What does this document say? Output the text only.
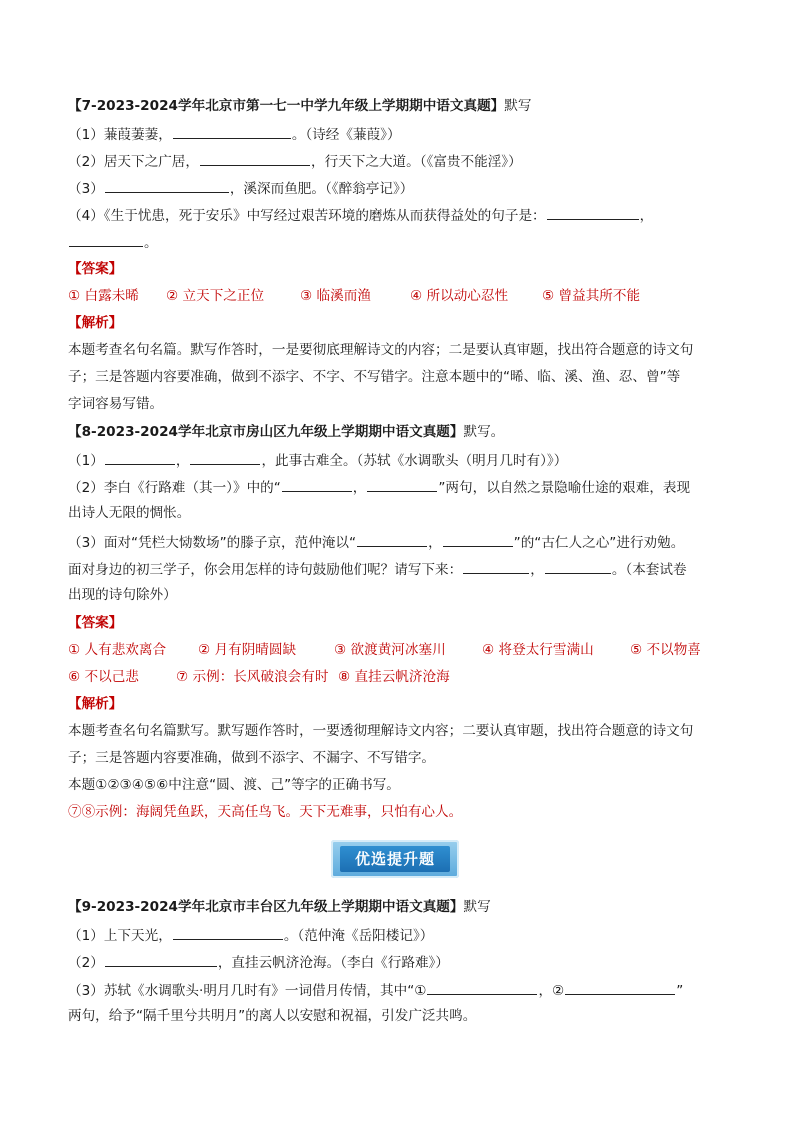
【7-2023-2024学年北京市第一七一中学九年级上学期期中语文真题】默写
（1）蒹葭萋萋，	。（诗经《蒹葭》）
（2）居天下之广居，	，行天下之大道。（《富贵不能淫》）
（3）	，溪深而鱼肥。（《醉翁亭记》）
（4）《生于忧患，死于安乐》中写经过艰苦环境的磨炼从而获得益处的句子是：	，
。
【答案】
① 白露未晞 ② 立天下之正位	③ 临溪而渔	④ 所以动心忍性 ⑤ 曾益其所不能
【解析】
本题考查名句名篇。默写作答时，一是要彻底理解诗文的内容；二是要认真审题，找出符合题意的诗文句
子；三是答题内容要准确，做到不添字、不字、不写错字。注意本题中的“晞、临、溪、渔、忍、曾”等
字词容易写错。
【8-2023-2024学年北京市房山区九年级上学期期中语文真题】默写。
（1）	，	，此事古难全。（苏轼《水调歌头（明月几时有）》）
（2）李白《行路难（其一）》中的“	，	”两句，以自然之景隐喻仕途的艰难，表现
出诗人无限的惆怅。
（3）面对“凭栏大恸数场”的滕子京，范仲淹以“	，	”的“古仁人之心”进行劝勉。
面对身边的初三学子，你会用怎样的诗句鼓励他们呢？请写下来：	，	。（本套试卷
出现的诗句除外）
【答案】
① 人有悲欢离合 ② 月有阴晴圆缺	③ 欲渡黄河冰塞川	④ 将登太行雪满山	⑤ 不以物喜
⑥ 不以己悲	⑦ 示例：长风破浪会有时 ⑧ 直挂云帆济沧海
【解析】
本题考查名句名篇默写。默写题作答时，一要透彻理解诗文内容；二要认真审题，找出符合题意的诗文句
子；三是答题内容要准确，做到不添字、不漏字、不写错字。
本题①②③④⑤⑥中注意“圆、渡、己”等字的正确书写。
⑦⑧示例：海阔凭鱼跃，天高任鸟飞。天下无难事，只怕有心人。
优选提升题
【9-2023-2024学年北京市丰台区九年级上学期期中语文真题】默写
（1）上下天光，	。（范仲淹《岳阳楼记》）
（2）	，直挂云帆济沧海。（李白《行路难》）
（3）苏轼《水调歌头·明月几时有》一词借月传情，其中“①	，②	”
两句，给予“隔千里兮共明月”的离人以安慰和祝福，引发广泛共鸣。
